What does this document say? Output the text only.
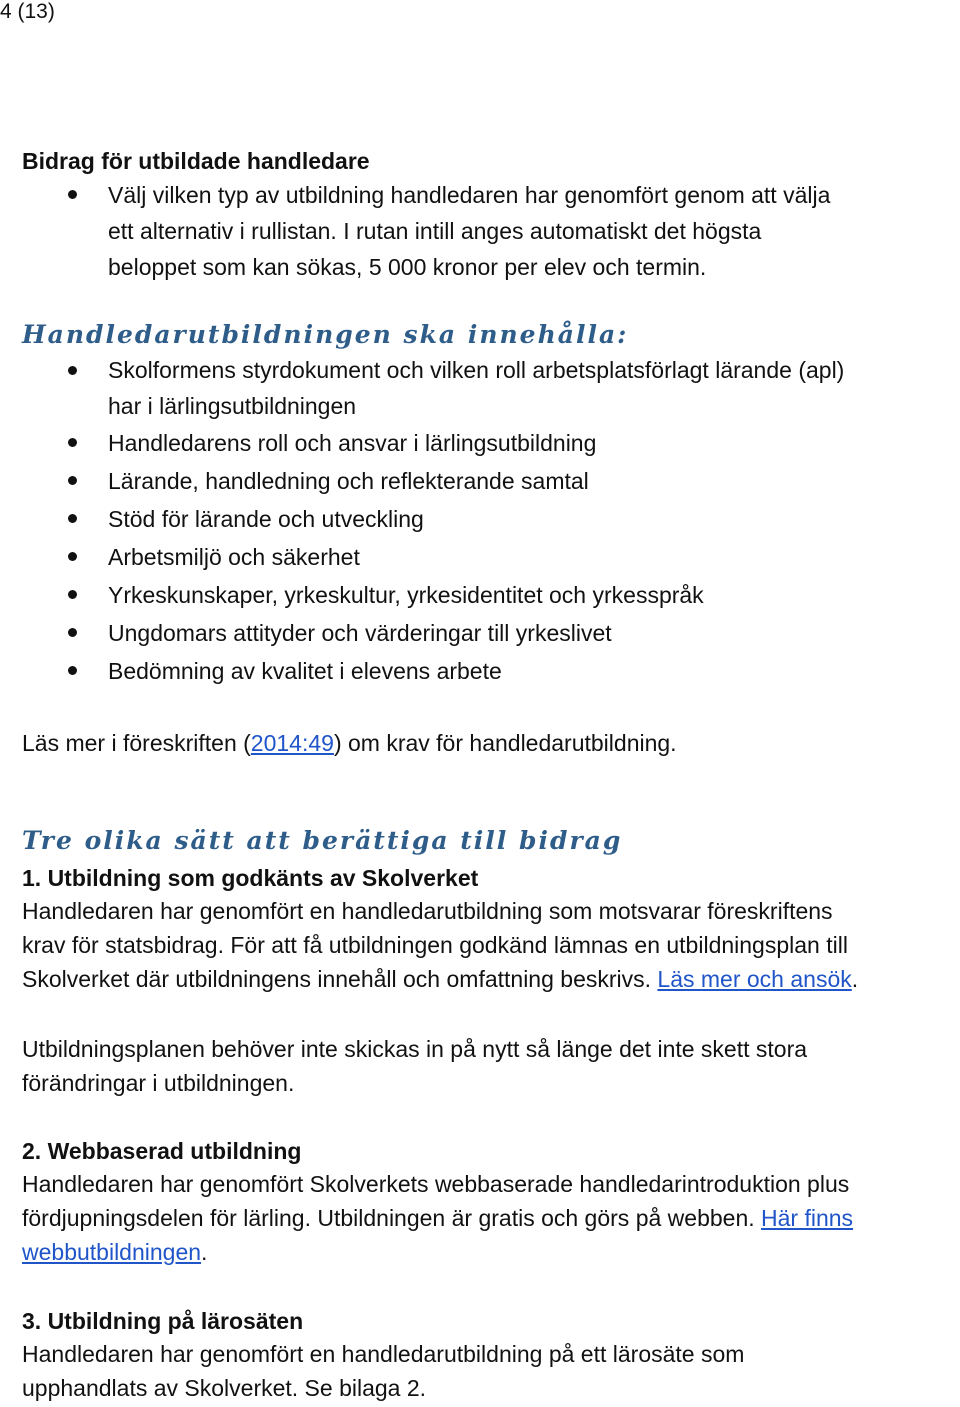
4 (13)
Bidrag för utbildade handledare
Välj vilken typ av utbildning handledaren har genomfört genom att välja
ett alternativ i rullistan. I rutan intill anges automatiskt det högsta
beloppet som kan sökas, 5 000 kronor per elev och termin.
Handledarutbildningen ska innehålla:
Skolformens styrdokument och vilken roll arbetsplatsförlagt lärande (apl)
har i lärlingsutbildningen
Handledarens roll och ansvar i lärlingsutbildning
Lärande, handledning och reflekterande samtal
Stöd för lärande och utveckling
Arbetsmiljö och säkerhet
Yrkeskunskaper, yrkeskultur, yrkesidentitet och yrkesspråk
Ungdomars attityder och värderingar till yrkeslivet
Bedömning av kvalitet i elevens arbete

Läs mer i föreskriften (2014:49) om krav för handledarutbildning.

Tre olika sätt att berättiga till bidrag
1. Utbildning som godkänts av Skolverket

Handledaren har genomfört en handledarutbildning som motsvarar föreskriftens
krav för statsbidrag. För att få utbildningen godkänd lämnas en utbildningsplan till
Skolverket där utbildningens innehåll och omfattning beskrivs. Läs mer och ansök.

Utbildningsplanen behöver inte skickas in på nytt så länge det inte skett stora
förändringar i utbildningen.

2. Webbaserad utbildning

Handledaren har genomfört Skolverkets webbaserade handledarintroduktion plus
fördjupningsdelen för lärling. Utbildningen är gratis och görs på webben. Här finns
webbutbildningen.

3. Utbildning på lärosäten

Handledaren har genomfört en handledarutbildning på ett lärosäte som
upphandlats av Skolverket. Se bilaga 2.
